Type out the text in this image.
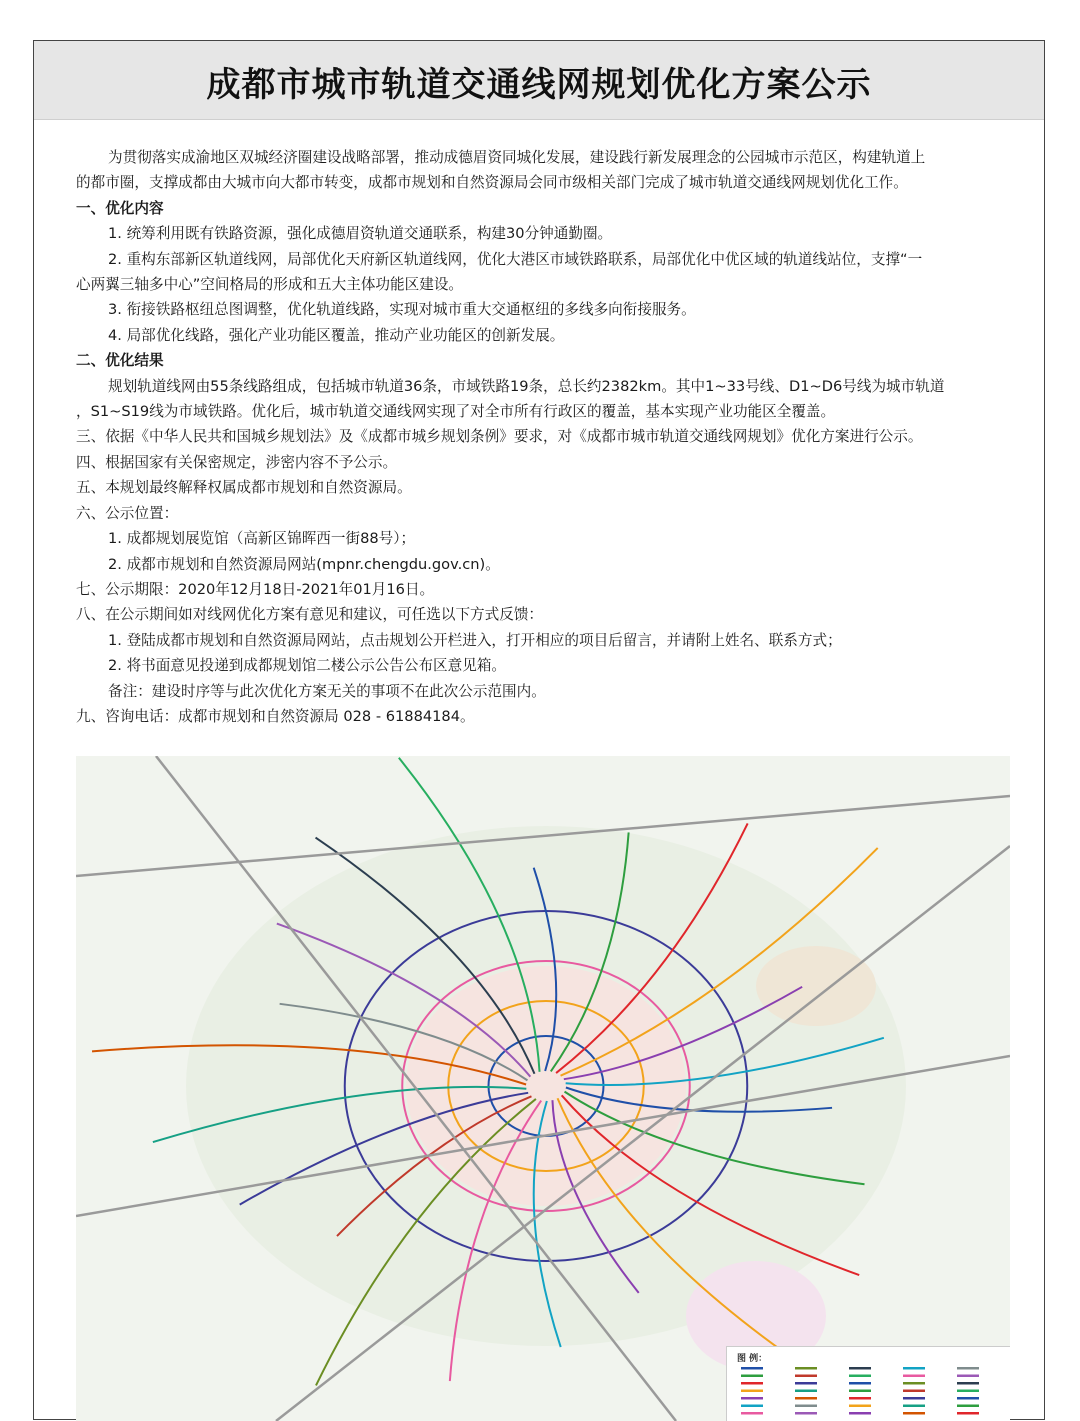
成都市城市轨道交通线网规划优化方案公示

为贯彻落实成渝地区双城经济圈建设战略部署，推动成德眉资同城化发展，建设践行新发展理念的公园城市示范区，构建轨道上

的都市圈，支撑成都由大城市向大都市转变，成都市规划和自然资源局会同市级相关部门完成了城市轨道交通线网规划优化工作。

一、优化内容

1. 统筹利用既有铁路资源，强化成德眉资轨道交通联系，构建30分钟通勤圈。

2. 重构东部新区轨道线网，局部优化天府新区轨道线网，优化大港区市域铁路联系，局部优化中优区域的轨道线站位，支撑“一

心两翼三轴多中心”空间格局的形成和五大主体功能区建设。

3. 衔接铁路枢纽总图调整，优化轨道线路，实现对城市重大交通枢纽的多线多向衔接服务。

4. 局部优化线路，强化产业功能区覆盖，推动产业功能区的创新发展。

二、优化结果

规划轨道线网由55条线路组成，包括城市轨道36条，市域铁路19条，总长约2382km。其中1~33号线、D1~D6号线为城市轨道

，S1~S19线为市域铁路。优化后，城市轨道交通线网实现了对全市所有行政区的覆盖，基本实现产业功能区全覆盖。

三、依据《中华人民共和国城乡规划法》及《成都市城乡规划条例》要求，对《成都市城市轨道交通线网规划》优化方案进行公示。

四、根据国家有关保密规定，涉密内容不予公示。

五、本规划最终解释权属成都市规划和自然资源局。

六、公示位置：

1. 成都规划展览馆（高新区锦晖西一街88号）；

2. 成都市规划和自然资源局网站(mpnr.chengdu.gov.cn)。

七、公示期限：2020年12月18日-2021年01月16日。

八、在公示期间如对线网优化方案有意见和建议，可任选以下方式反馈：

1. 登陆成都市规划和自然资源局网站，点击规划公开栏进入，打开相应的项目后留言，并请附上姓名、联系方式；

2. 将书面意见投递到成都规划馆二楼公示公告公布区意见箱。

备注：建设时序等与此次优化方案无关的事项不在此次公示范围内。

九、咨询电话：成都市规划和自然资源局 028 - 61884184。

图 例：
